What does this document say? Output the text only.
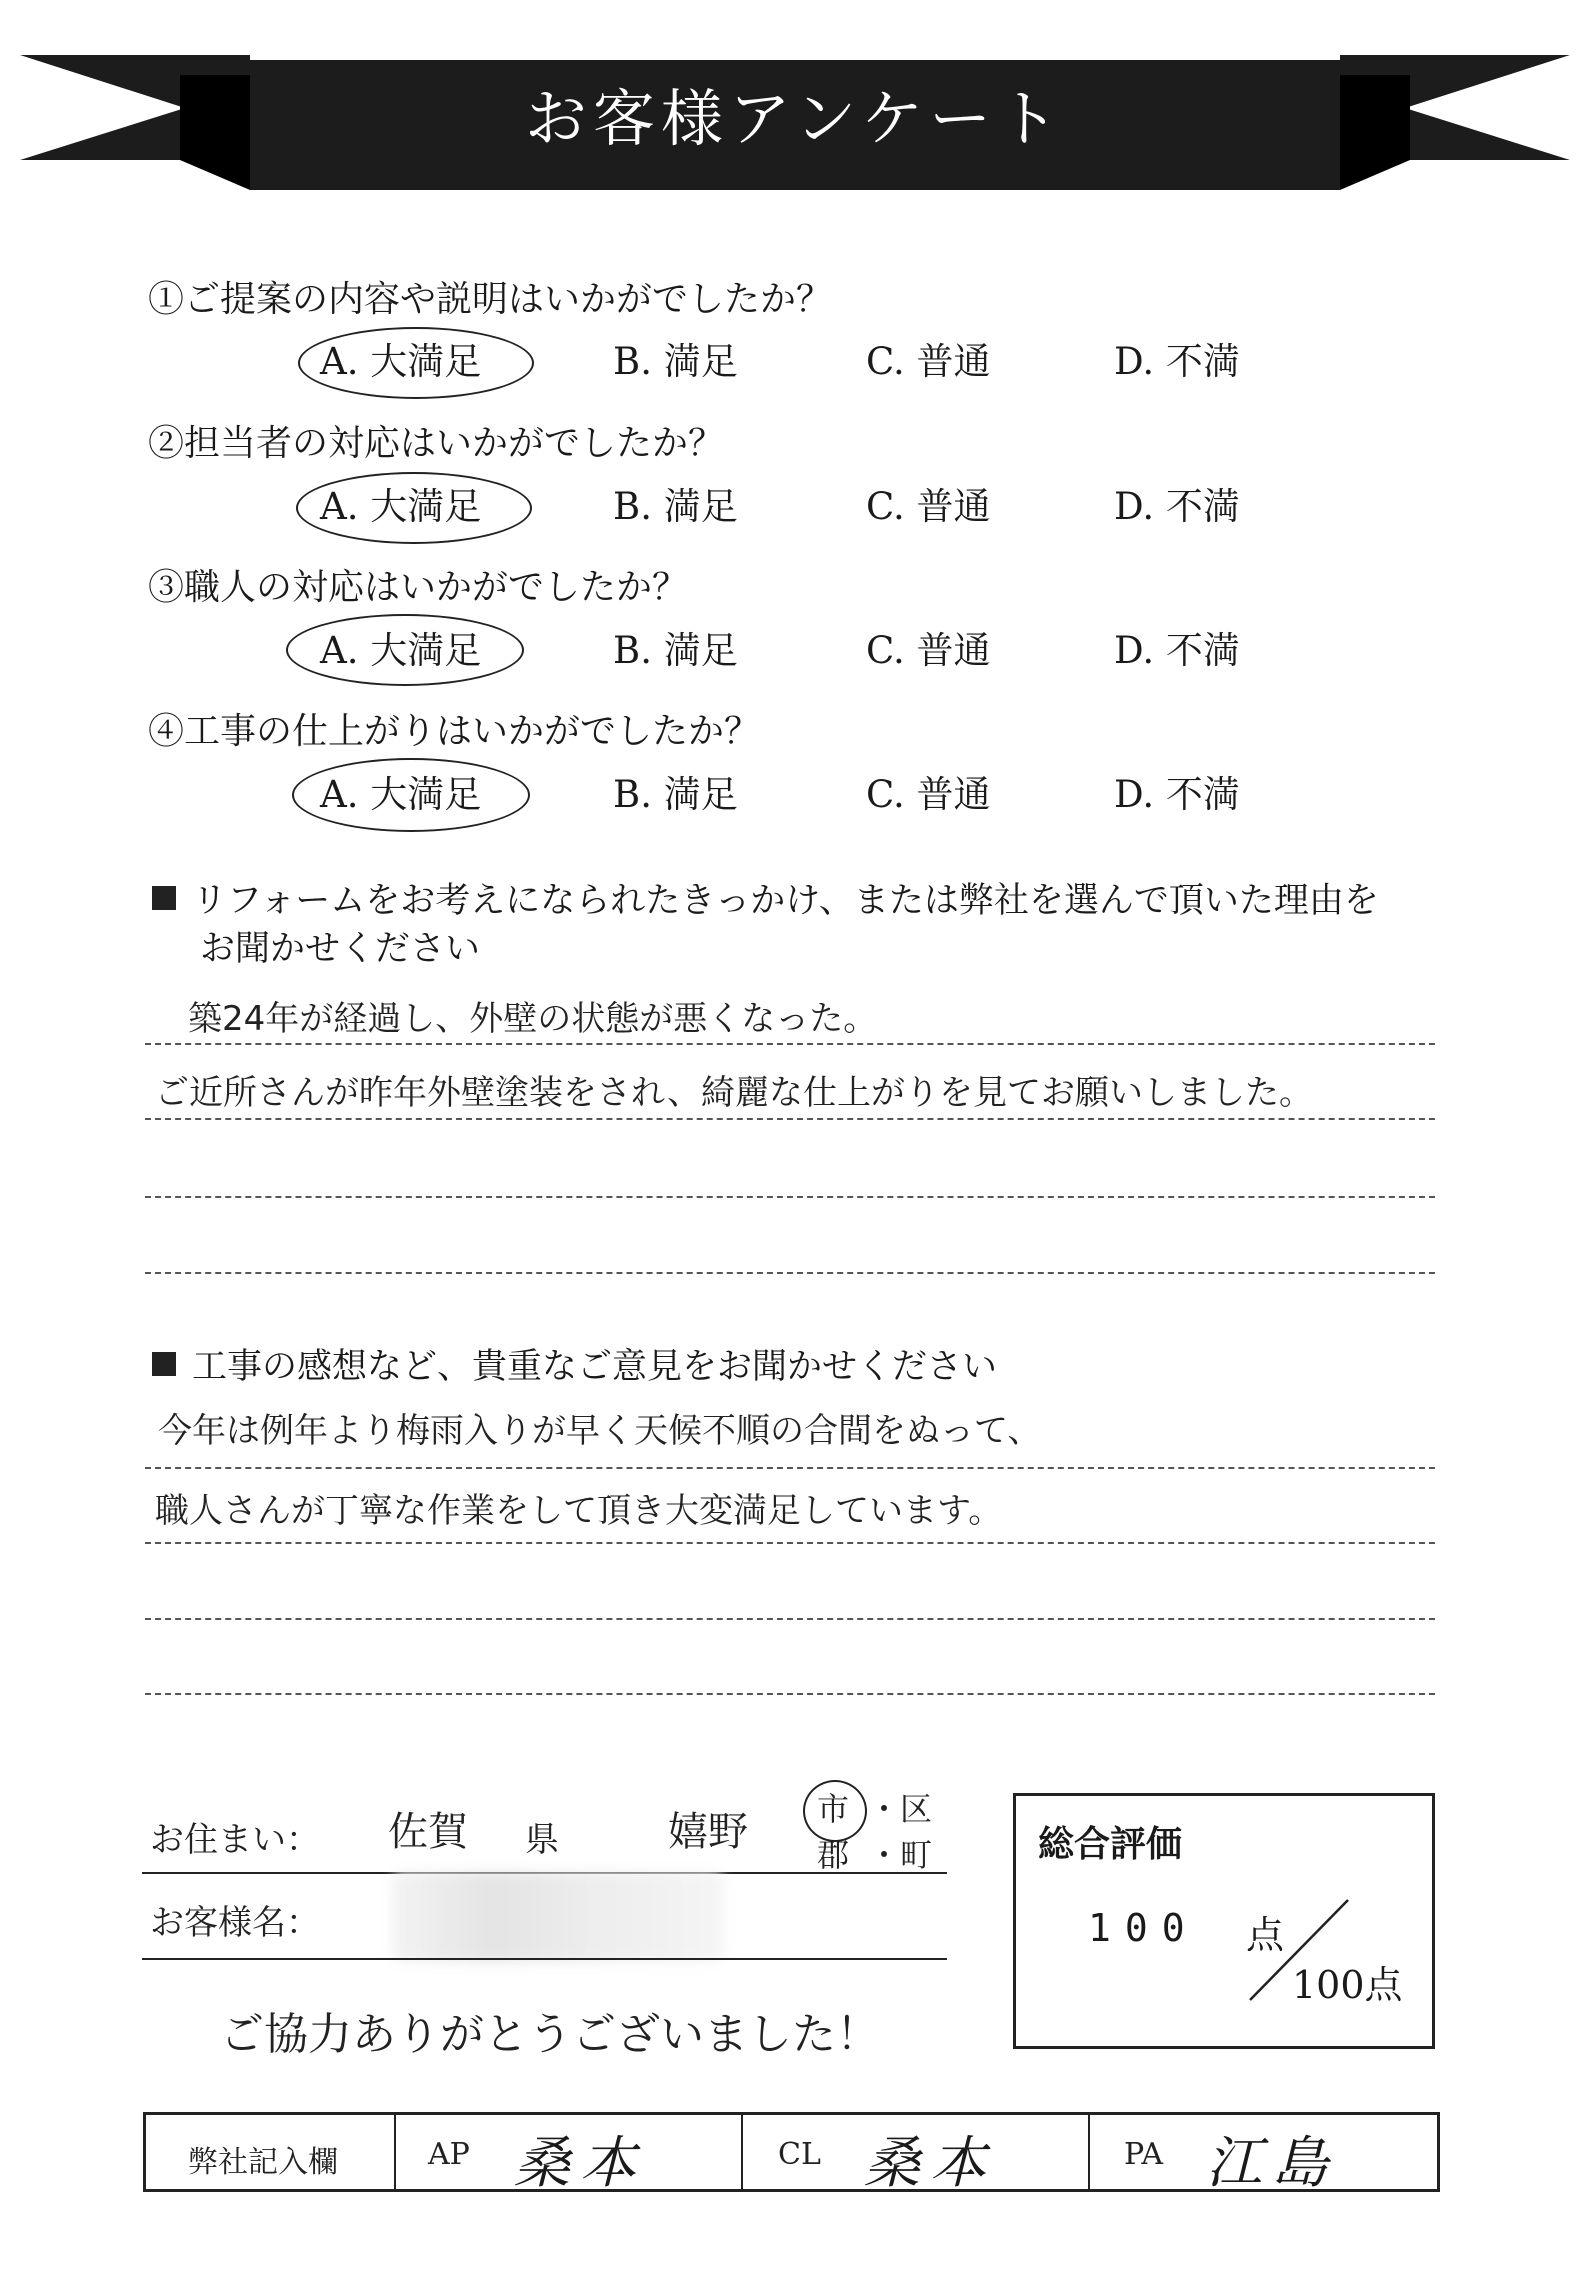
お客様アンケート
①ご提案の内容や説明はいかがでしたか？
A. 大満足	B. 満足	C. 普通	D. 不満
②担当者の対応はいかがでしたか？
A. 大満足	B. 満足	C. 普通	D. 不満
③職人の対応はいかがでしたか？
A. 大満足	B. 満足	C. 普通	D. 不満
④工事の仕上がりはいかがでしたか？
A. 大満足	B. 満足	C. 普通	D. 不満
リフォームをお考えになられたきっかけ、または弊社を選んで頂いた理由を
お聞かせください
築24年が経過し、外壁の状態が悪くなった。
ご近所さんが昨年外壁塗装をされ、綺麗な仕上がりを見てお願いしました。
工事の感想など、貴重なご意見をお聞かせください
今年は例年より梅雨入りが早く天候不順の合間をぬって、
職人さんが丁寧な作業をして頂き大変満足しています。
お住まい： 佐賀 県	嬉野 市 ・区
郡 ・町
お客様名：
総合評価
100 点
100点
ご協力ありがとうございました！
弊社記入欄	AP 桑本	CL 桑本	PA 江島
